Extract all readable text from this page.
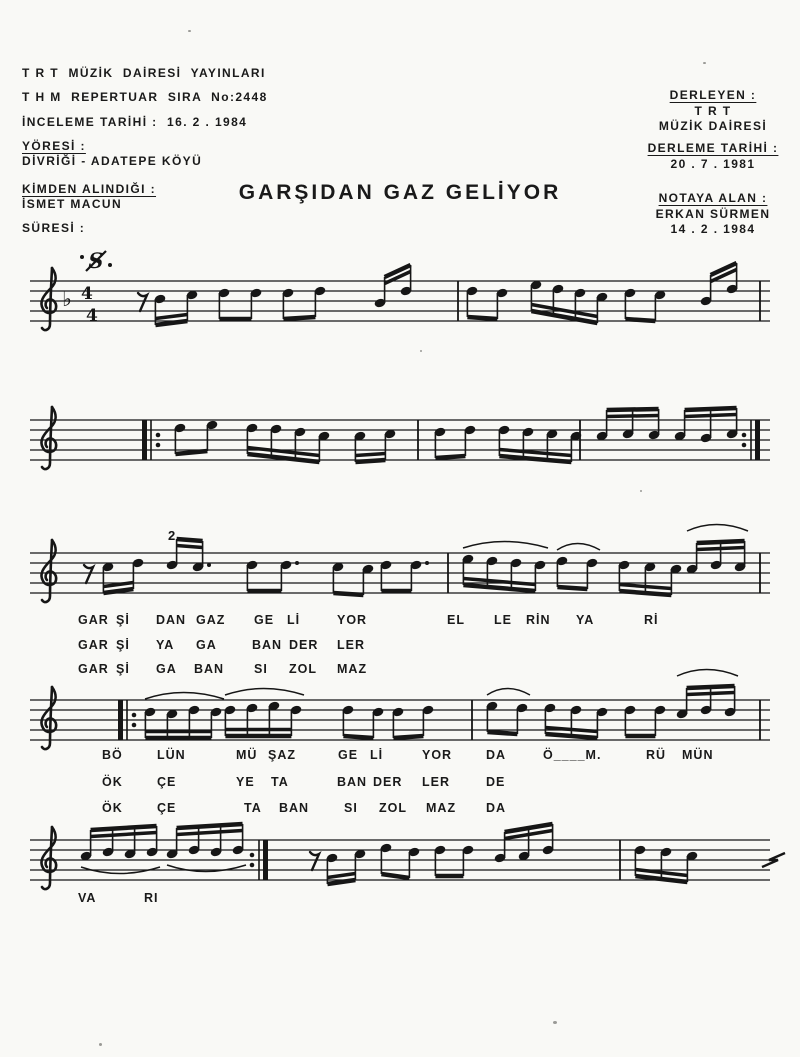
T R T  MÜZİK  DAİRESİ  YAYINLARI
T H M  REPERTUAR  SIRA  No:2448
İNCELEME TARİHİ : 16. 2 . 1984
YÖRESİ :
DİVRİĞİ - ADATEPE KÖYÜ
KİMDEN ALINDIĞI :
İSMET MACUN
SÜRESİ :
GARŞIDAN GAZ GELİYOR
DERLEYEN :
T R T
MÜZİK DAİRESİ
DERLEME TARİHİ :
20 . 7 . 1981
NOTAYA ALAN :
ERKAN SÜRMEN
14 . 2 . 1984
♭ 4
4
S
2
GAR Şİ DAN GAZ GE Lİ	YOR	EL LE RİN YA	Rİ
GAR Şİ YA GA	BAN DER LER
GAR Şİ GA BAN SI ZOL MAZ
BÖ	LÜN	MÜ ŞAZ	GE Lİ	YOR	DA	Ö____M.	RÜ MÜN
ÖK	ÇE	YE TA	BAN DER LER	DE
ÖK	ÇE	TA BAN	SI ZOL MAZ DA
VA	RI
